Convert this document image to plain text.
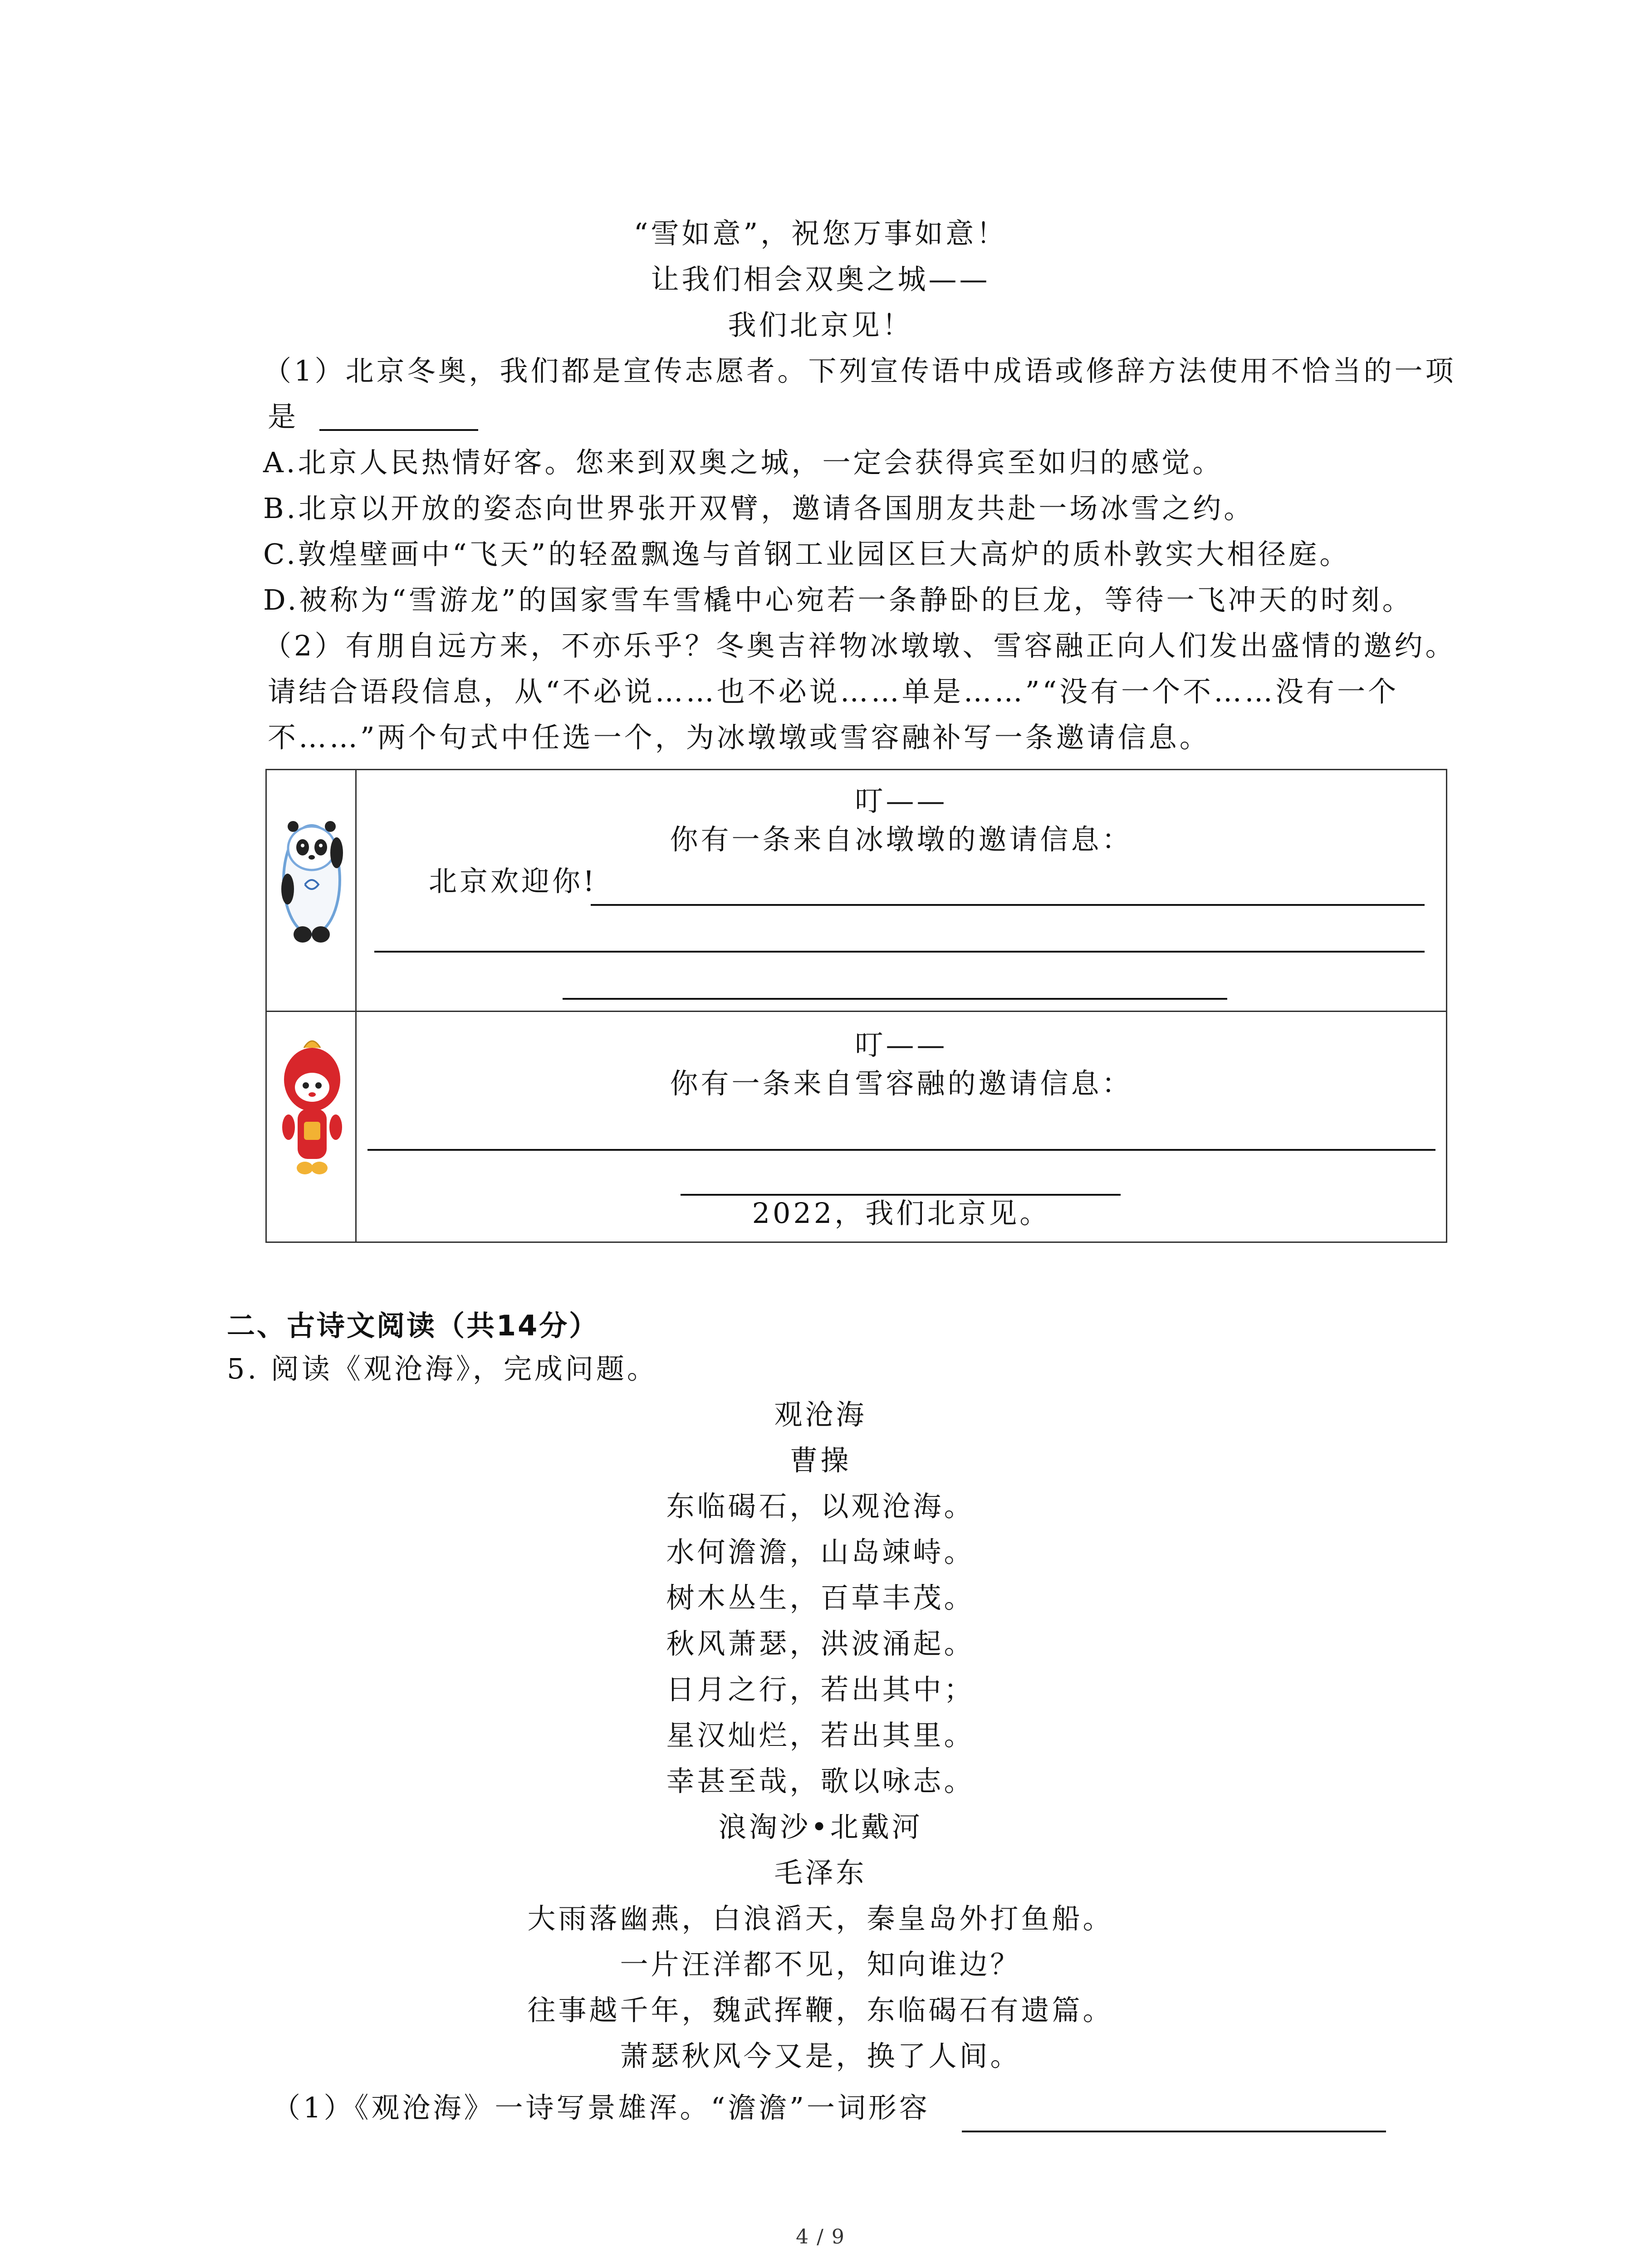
“雪如意”，祝您万事如意！
让我们相会双奥之城——
我们北京见！
（1）北京冬奥，我们都是宣传志愿者。下列宣传语中成语或修辞方法使用不恰当的一项
是
A.北京人民热情好客。您来到双奥之城，一定会获得宾至如归的感觉。
B.北京以开放的姿态向世界张开双臂，邀请各国朋友共赴一场冰雪之约。
C.敦煌壁画中“飞天”的轻盈飘逸与首钢工业园区巨大高炉的质朴敦实大相径庭。
D.被称为“雪游龙”的国家雪车雪橇中心宛若一条静卧的巨龙，等待一飞冲天的时刻。
（2）有朋自远方来，不亦乐乎？冬奥吉祥物冰墩墩、雪容融正向人们发出盛情的邀约。
请结合语段信息，从“不必说……也不必说……单是……”“没有一个不……没有一个
不……”两个句式中任选一个，为冰墩墩或雪容融补写一条邀请信息。
叮——
你有一条来自冰墩墩的邀请信息：
北京欢迎你!
叮——
你有一条来自雪容融的邀请信息：
2022，我们北京见。
二、古诗文阅读（共14分）
5. 阅读《观沧海》，完成问题。
观沧海
曹操
东临碣石，以观沧海。
水何澹澹，山岛竦峙。
树木丛生，百草丰茂。
秋风萧瑟，洪波涌起。
日月之行，若出其中；
星汉灿烂，若出其里。
幸甚至哉，歌以咏志。
浪淘沙•北戴河
毛泽东
大雨落幽燕，白浪滔天，秦皇岛外打鱼船。
一片汪洋都不见，知向谁边？
往事越千年，魏武挥鞭，东临碣石有遗篇。
萧瑟秋风今又是，换了人间。
（1）《观沧海》一诗写景雄浑。“澹澹”一词形容
4 / 9
